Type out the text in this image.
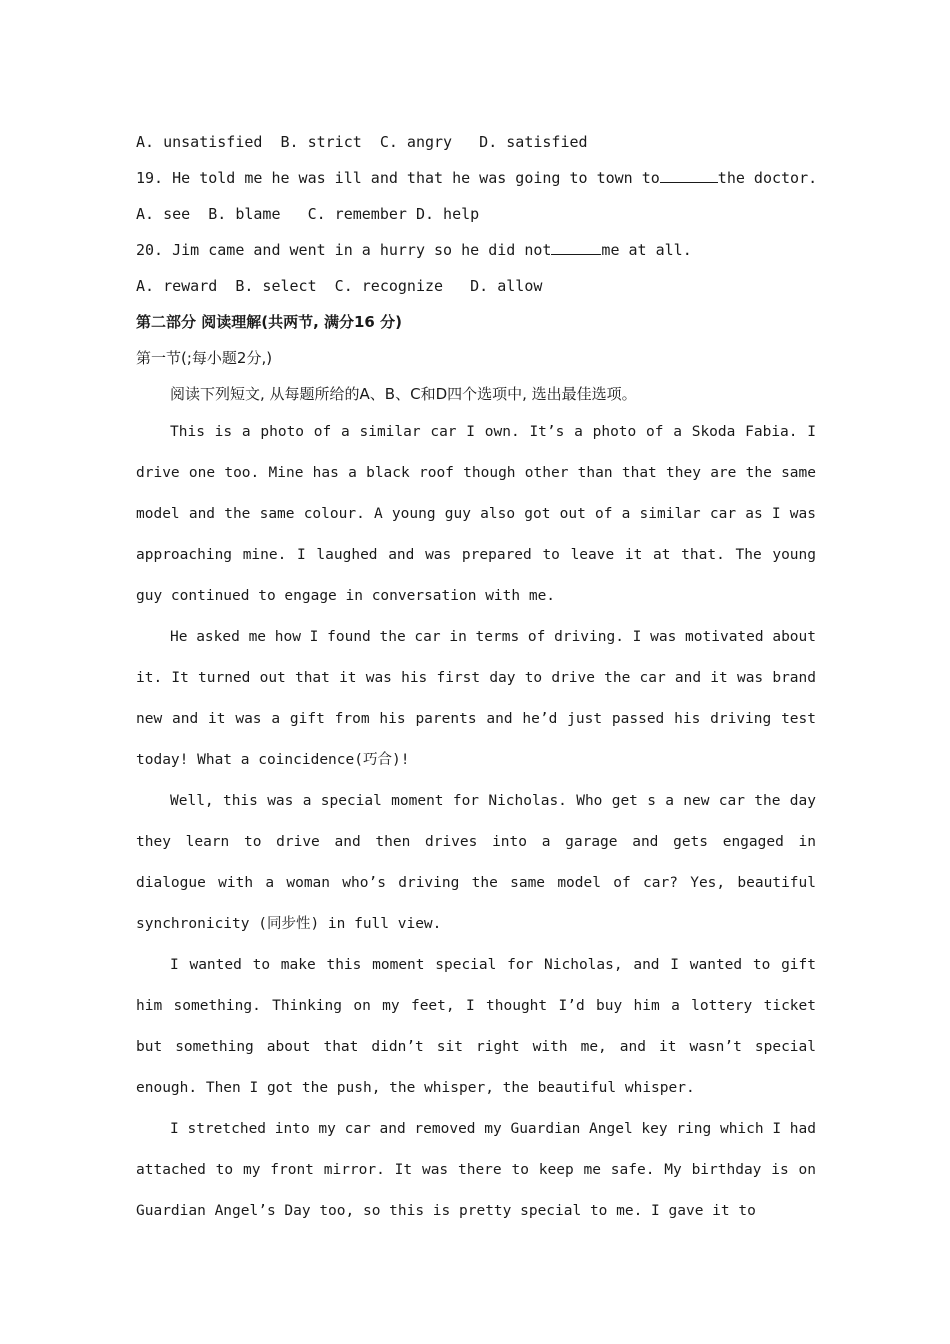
A. unsatisfied  B. strict  C. angry   D. satisfied
19. He told me he was ill and that he was going to town to	the doctor.
A. see  B. blame   C. remember D. help
20. Jim came and went in a hurry so he did not	me at all.
A. reward  B. select  C. recognize   D. allow
第二部分 阅读理解(共两节, 满分16 分)
第一节(;每小题2分,)
阅读下列短文, 从每题所给的A、B、C和D四个选项中, 选出最佳选项。

This is a photo of a similar car I own. It’s a photo of a Skoda Fabia. I drive one too. Mine has a black roof though other than that they are the same model and the same colour. A young guy also got out of a similar car as I was approaching mine. I laughed and was prepared to leave it at that. The young guy continued to engage in conversation with me.

He asked me how I found the car in terms of driving. I was motivated about it. It turned out that it was his first day to drive the car and it was brand new and it was a gift from his parents and he’d just passed his driving test today! What a coincidence(巧合)!

Well, this was a special moment for Nicholas. Who get s a new car the day they learn to drive and then drives into a garage and gets engaged in dialogue with a woman who’s driving the same model of car? Yes, beautiful synchronicity (同步性) in full view.

I wanted to make this moment special for Nicholas, and I wanted to gift him something. Thinking on my feet, I thought I’d buy him a lottery ticket but something about that didn’t sit right with me, and it wasn’t special enough. Then I got the push, the whisper, the beautiful whisper.

I stretched into my car and removed my Guardian Angel key ring which I had attached to my front mirror. It was there to keep me safe. My birthday is on Guardian Angel’s Day too, so this is pretty special to me. I gave it to
